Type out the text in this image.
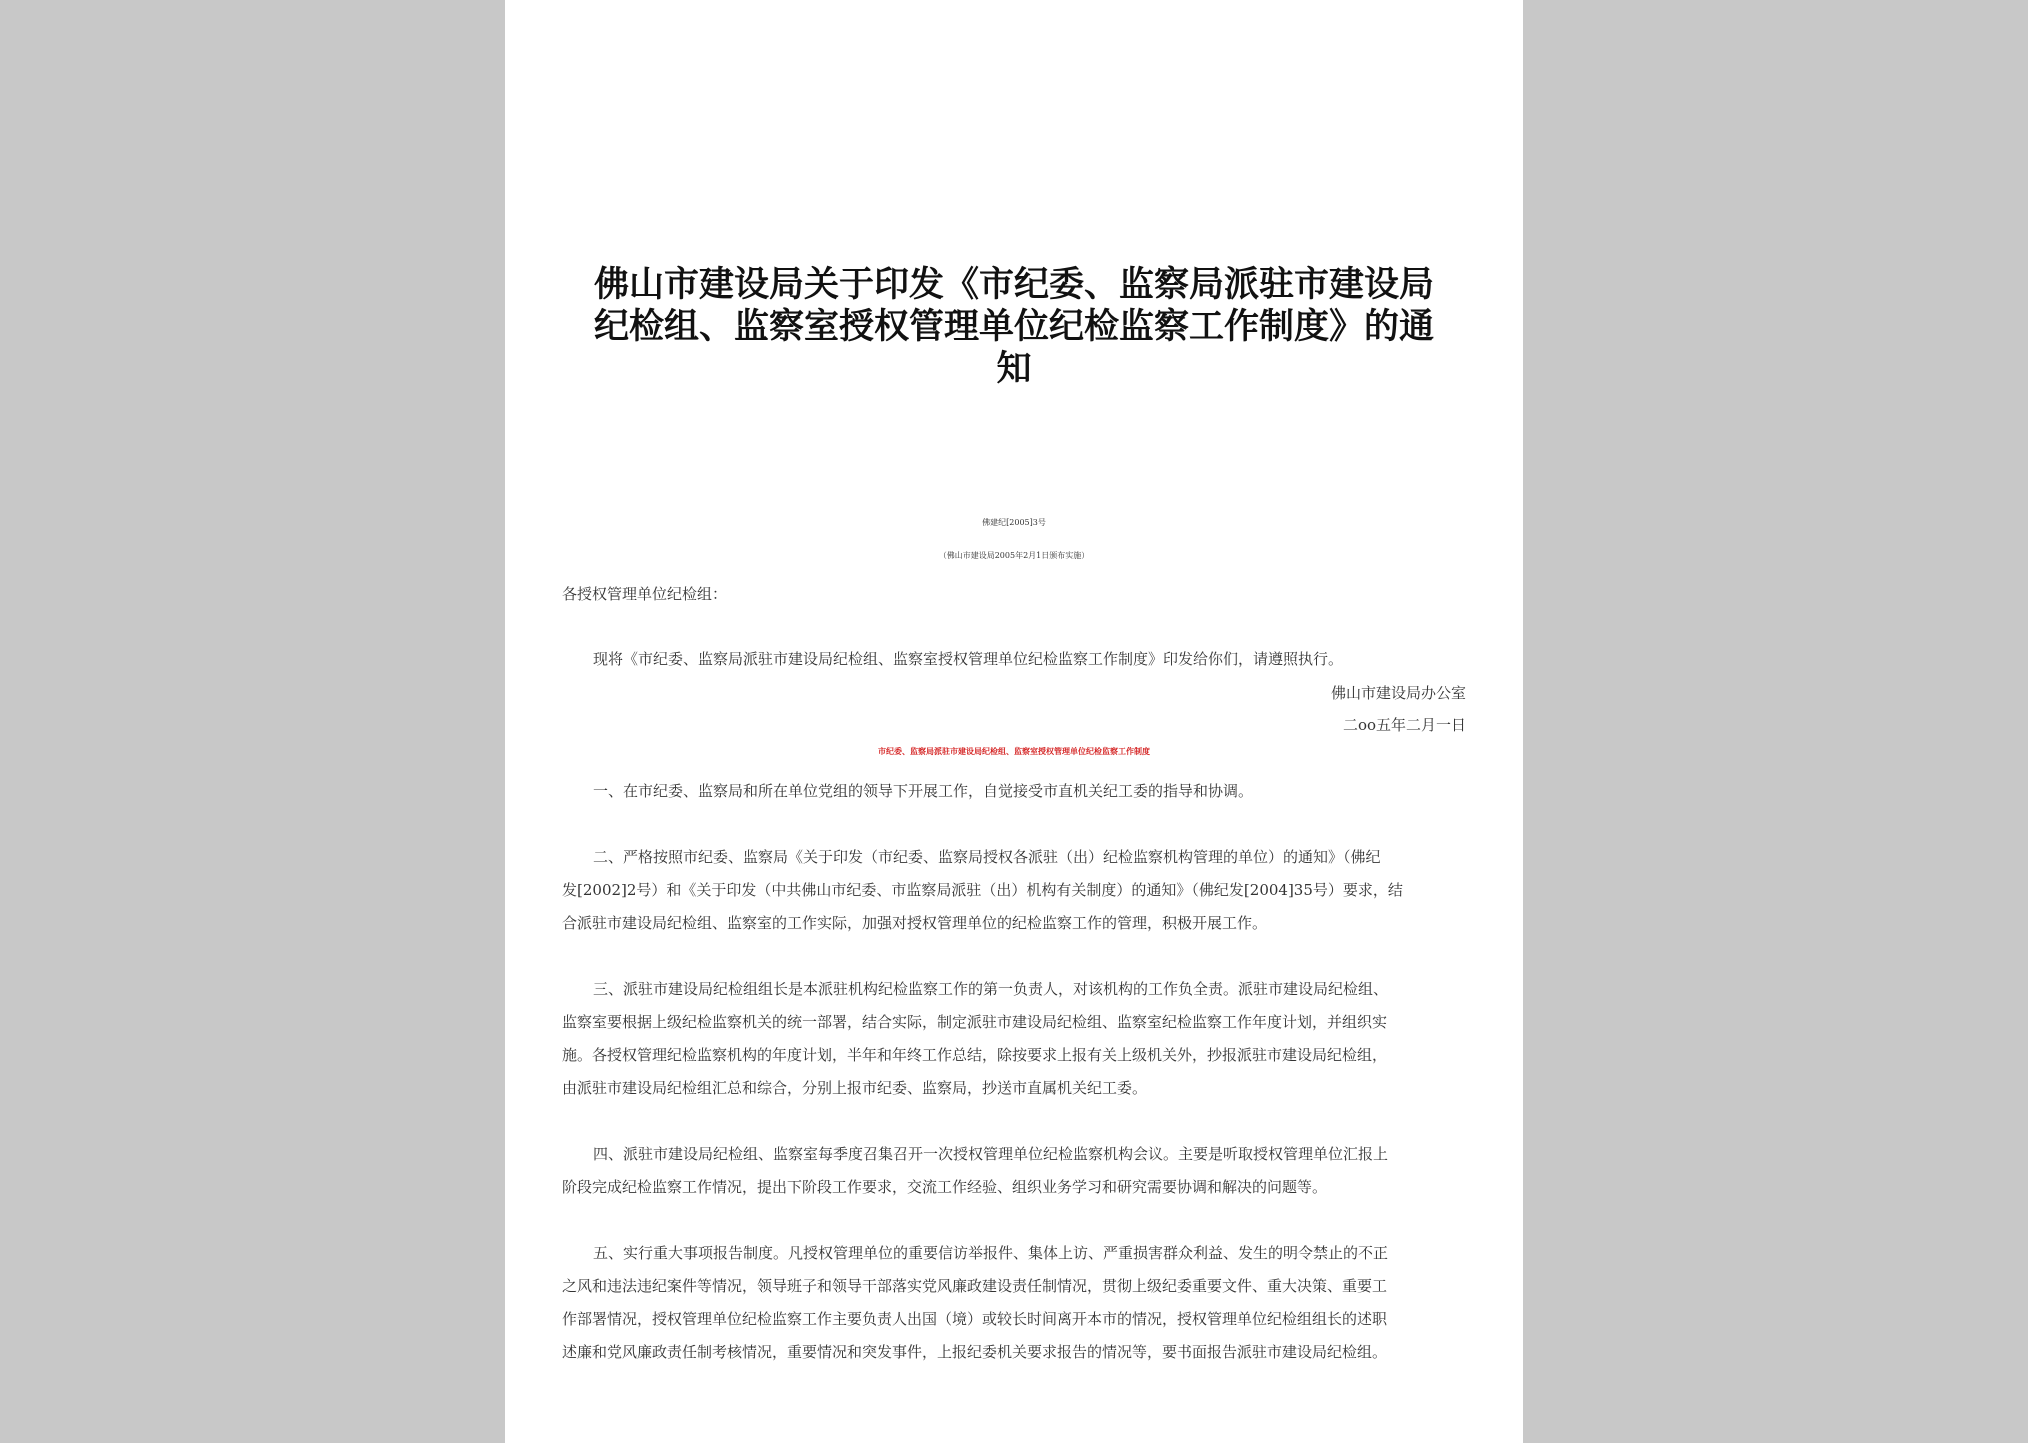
佛山市建设局关于印发《市纪委、监察局派驻市建设局
纪检组、监察室授权管理单位纪检监察工作制度》的通
知
佛建纪[2005]3号
（佛山市建设局2005年2月1日颁布实施）
各授权管理单位纪检组：
现将《市纪委、监察局派驻市建设局纪检组、监察室授权管理单位纪检监察工作制度》印发给你们，请遵照执行。
佛山市建设局办公室
二oo五年二月一日
市纪委、监察局派驻市建设局纪检组、监察室授权管理单位纪检监察工作制度
一、在市纪委、监察局和所在单位党组的领导下开展工作，自觉接受市直机关纪工委的指导和协调。
二、严格按照市纪委、监察局《关于印发（市纪委、监察局授权各派驻（出）纪检监察机构管理的单位）的通知》（佛纪
发[2002]2号）和《关于印发（中共佛山市纪委、市监察局派驻（出）机构有关制度）的通知》（佛纪发[2004]35号）要求，结
合派驻市建设局纪检组、监察室的工作实际，加强对授权管理单位的纪检监察工作的管理，积极开展工作。
三、派驻市建设局纪检组组长是本派驻机构纪检监察工作的第一负责人，对该机构的工作负全责。派驻市建设局纪检组、
监察室要根据上级纪检监察机关的统一部署，结合实际，制定派驻市建设局纪检组、监察室纪检监察工作年度计划，并组织实
施。各授权管理纪检监察机构的年度计划，半年和年终工作总结，除按要求上报有关上级机关外，抄报派驻市建设局纪检组，
由派驻市建设局纪检组汇总和综合，分别上报市纪委、监察局，抄送市直属机关纪工委。
四、派驻市建设局纪检组、监察室每季度召集召开一次授权管理单位纪检监察机构会议。主要是听取授权管理单位汇报上
阶段完成纪检监察工作情况，提出下阶段工作要求，交流工作经验、组织业务学习和研究需要协调和解决的问题等。
五、实行重大事项报告制度。凡授权管理单位的重要信访举报件、集体上访、严重损害群众利益、发生的明令禁止的不正
之风和违法违纪案件等情况，领导班子和领导干部落实党风廉政建设责任制情况，贯彻上级纪委重要文件、重大决策、重要工
作部署情况，授权管理单位纪检监察工作主要负责人出国（境）或较长时间离开本市的情况，授权管理单位纪检组组长的述职
述廉和党风廉政责任制考核情况，重要情况和突发事件，上报纪委机关要求报告的情况等，要书面报告派驻市建设局纪检组。
